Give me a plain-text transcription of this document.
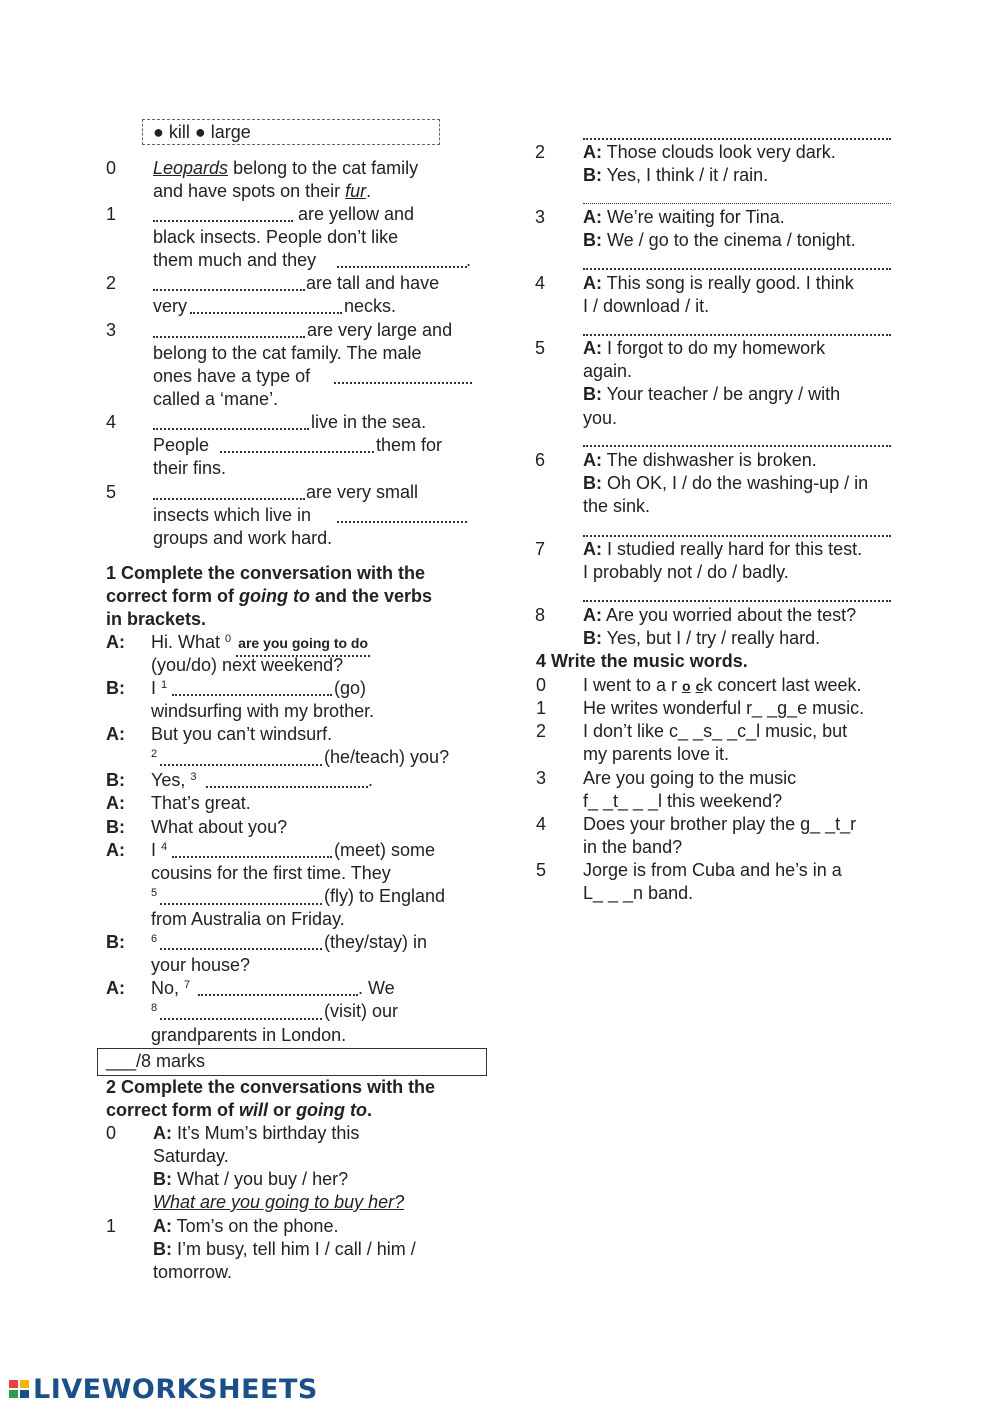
● kill ● large
0 Leopards belong to the cat family
and have spots on their fur.
1	are yellow and
black insects. People don’t like
them much and they	.
2	are tall and have
very	necks.
3	are very large and
belong to the cat family. The male
ones have a type of
called a ‘mane’.
4	live in the sea.
People	them for
their fins.
5	are very small
insects which live in
groups and work hard.
1 Complete the conversation with the
correct form of going to and the verbs
in brackets.
A: Hi. What $^0$ are you going to do
(you/do) next weekend?
B: I $^1$	(go)
windsurfing with my brother.
A: But you can’t windsurf.
$^2$	(he/teach) you?
B: Yes, $^3$	.
A: That’s great.
B: What about you?
A: I $^4$	(meet) some
cousins for the first time. They
$^5$	(fly) to England
from Australia on Friday.
B: $^6$	(they/stay) in
your house?
A: No, $^7$	. We
$^8$	(visit) our
grandparents in London.
___/8 marks
2 Complete the conversations with the
correct form of will or going to.
0 A: It’s Mum’s birthday this
Saturday.
B: What / you buy / her?
What are you going to buy her?
1 A: Tom’s on the phone.
B: I’m busy, tell him I / call / him /
tomorrow.
2 A: Those clouds look very dark.
B: Yes, I think / it / rain.
3 A: We’re waiting for Tina.
B: We / go to the cinema / tonight.
4 A: This song is really good. I think
I / download / it.
5 A: I forgot to do my homework
again.
B: Your teacher / be angry / with
you.
6 A: The dishwasher is broken.
B: Oh OK, I / do the washing-up / in
the sink.
7 A: I studied really hard for this test.
I probably not / do / badly.
8 A: Are you worried about the test?
B: Yes, but I / try / really hard.
4 Write the music words.
0 I went to a r o ck concert last week.
1 He writes wonderful r_ _g_e music.
2 I don’t like c_ _s_ _c_l music, but
my parents love it.
3 Are you going to the music
f_ _t_ _ _l this weekend?
4 Does your brother play the g_ _t_r
in the band?
5 Jorge is from Cuba and he’s in a
L_ _ _n band.
LIVEWORKSHEETS
